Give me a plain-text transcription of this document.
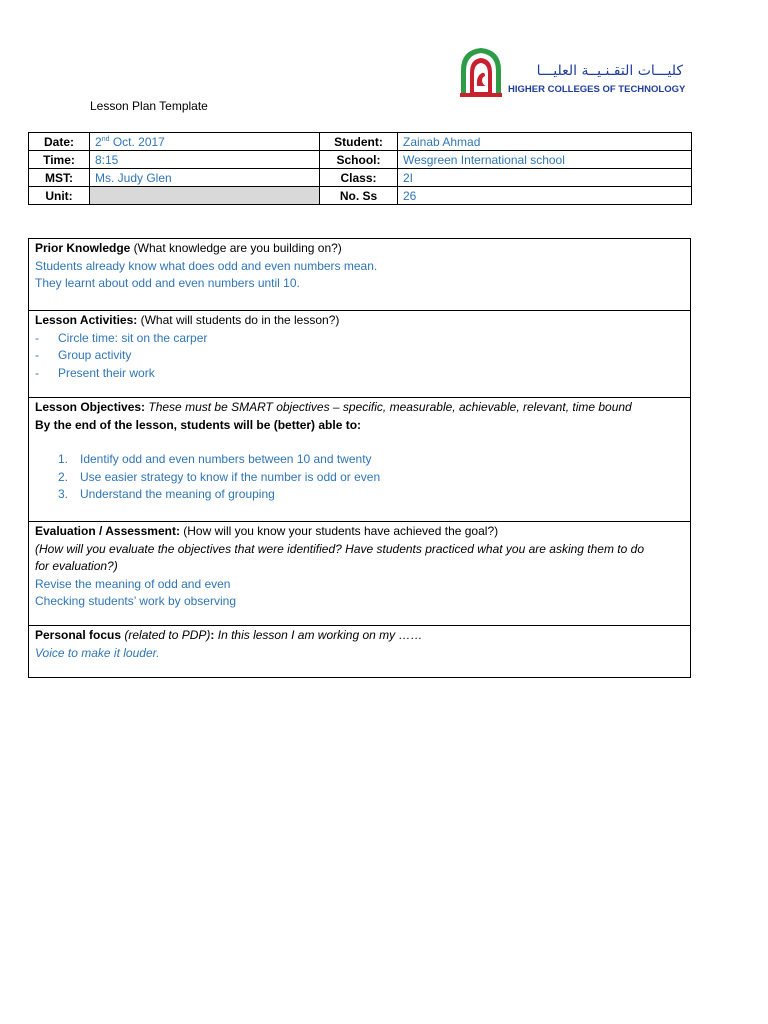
كليـــات التقـنـيــة العليـــا
HIGHER COLLEGES OF TECHNOLOGY
Lesson Plan Template
Date:	2nd Oct. 2017	Student:	Zainab Ahmad
Time:	8:15	School:	Wesgreen International school
MST:	Ms. Judy Glen	Class:	2I
Unit:		No. Ss	26
Prior Knowledge (What knowledge are you building on?)
Students already know what does odd and even numbers mean.
They learnt about odd and even numbers until 10.
Lesson Activities: (What will students do in the lesson?)
-	Circle time: sit on the carper
-	Group activity
-	Present their work
Lesson Objectives: These must be SMART objectives – specific, measurable, achievable, relevant, time bound
By the end of the lesson, students will be (better) able to:
1. Identify odd and even numbers between 10 and twenty
2. Use easier strategy to know if the number is odd or even
3. Understand the meaning of grouping
Evaluation / Assessment: (How will you know your students have achieved the goal?)
(How will you evaluate the objectives that were identified? Have students practiced what you are asking them to do
for evaluation?)
Revise the meaning of odd and even
Checking students’ work by observing
Personal focus (related to PDP): In this lesson I am working on my ……
Voice to make it louder.
